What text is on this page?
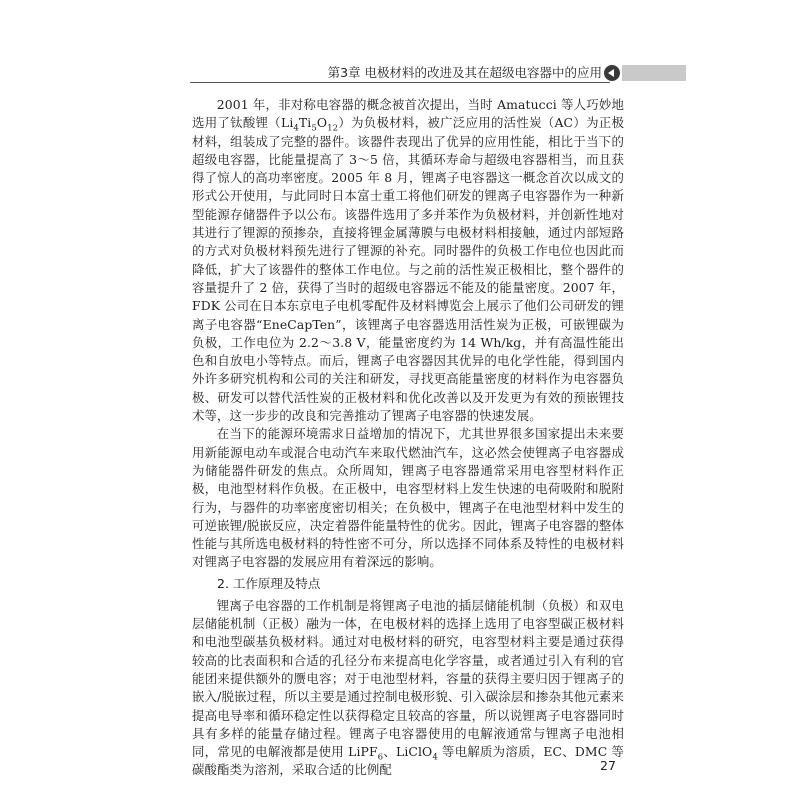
第3章 电极材料的改进及其在超级电容器中的应用

2001 年，非对称电容器的概念被首次提出，当时 Amatucci 等人巧妙地选用了钛酸锂$(Li_4Ti_5O_{12})$为负极材料，被广泛应用的活性炭（AC）为正极材料，组装成了完整的器件。该器件表现出了优异的应用性能，相比于当下的超级电容器，比能量提高了 3～5 倍，其循环寿命与超级电容器相当，而且获得了惊人的高功率密度。2005 年 8 月，锂离子电容器这一概念首次以成文的形式公开使用，与此同时日本富士重工将他们研发的锂离子电容器作为一种新型能源存储器件予以公布。该器件选用了多并苯作为负极材料，并创新性地对其进行了锂源的预掺杂，直接将锂金属薄膜与电极材料相接触，通过内部短路的方式对负极材料预先进行了锂源的补充。同时器件的负极工作电位也因此而降低，扩大了该器件的整体工作电位。与之前的活性炭正极相比，整个器件的容量提升了 2 倍，获得了当时的超级电容器远不能及的能量密度。2007 年，FDK 公司在日本东京电子电机零配件及材料博览会上展示了他们公司研发的锂离子电容器“EneCapTen”，该锂离子电容器选用活性炭为正极，可嵌锂碳为负极，工作电位为 2.2～3.8 V，能量密度约为 14 Wh/kg，并有高温性能出色和自放电小等特点。而后，锂离子电容器因其优异的电化学性能，得到国内外许多研究机构和公司的关注和研发，寻找更高能量密度的材料作为电容器负极、研发可以替代活性炭的正极材料和优化改善以及开发更为有效的预嵌锂技术等，这一步步的改良和完善推动了锂离子电容器的快速发展。

在当下的能源环境需求日益增加的情况下，尤其世界很多国家提出未来要用新能源电动车或混合电动汽车来取代燃油汽车，这必然会使锂离子电容器成为储能器件研发的焦点。众所周知，锂离子电容器通常采用电容型材料作正极，电池型材料作负极。在正极中，电容型材料上发生快速的电荷吸附和脱附行为，与器件的功率密度密切相关；在负极中，锂离子在电池型材料中发生的可逆嵌锂/脱嵌反应，决定着器件能量特性的优劣。因此，锂离子电容器的整体性能与其所选电极材料的特性密不可分，所以选择不同体系及特性的电极材料对锂离子电容器的发展应用有着深远的影响。

2. 工作原理及特点

锂离子电容器的工作机制是将锂离子电池的插层储能机制（负极）和双电层储能机制（正极）融为一体，在电极材料的选择上选用了电容型碳正极材料和电池型碳基负极材料。通过对电极材料的研究，电容型材料主要是通过获得较高的比表面积和合适的孔径分布来提高电化学容量，或者通过引入有利的官能团来提供额外的赝电容；对于电池型材料，容量的获得主要归因于锂离子的嵌入/脱嵌过程，所以主要是通过控制电极形貌、引入碳涂层和掺杂其他元素来提高电导率和循环稳定性以获得稳定且较高的容量，所以说锂离子电容器同时具有多样的能量存储过程。锂离子电容器使用的电解液通常与锂离子电池相同，常见的电解液都是使用 LiPF$_6$、LiClO$_4$ 等电解质为溶质，EC、DMC 等碳酸酯类为溶剂，采取合适的比例配	27
